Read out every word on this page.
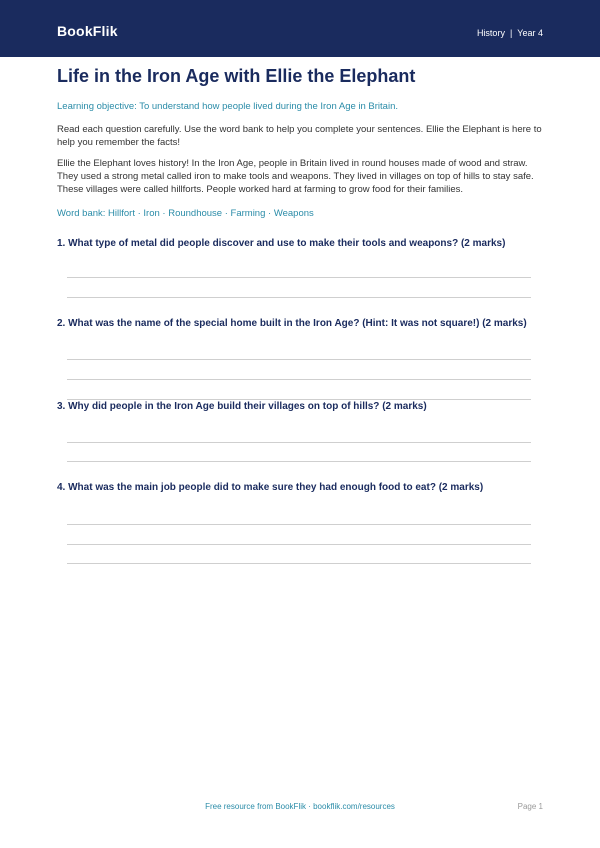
BookFlik	History | Year 4
Life in the Iron Age with Ellie the Elephant

Learning objective: To understand how people lived during the Iron Age in Britain.

Read each question carefully. Use the word bank to help you complete your sentences. Ellie the Elephant is here to help you remember the facts!

Ellie the Elephant loves history! In the Iron Age, people in Britain lived in round houses made of wood and straw. They used a strong metal called iron to make tools and weapons. They lived in villages on top of hills to stay safe. These villages were called hillforts. People worked hard at farming to grow food for their families.

Word bank: Hillfort · Iron · Roundhouse · Farming · Weapons

1. What type of metal did people discover and use to make their tools and weapons? (2 marks)

2. What was the name of the special home built in the Iron Age? (Hint: It was not square!) (2 marks)

3. Why did people in the Iron Age build their villages on top of hills? (2 marks)

4. What was the main job people did to make sure they had enough food to eat? (2 marks)

Free resource from BookFlik · bookflik.com/resources	Page 1
